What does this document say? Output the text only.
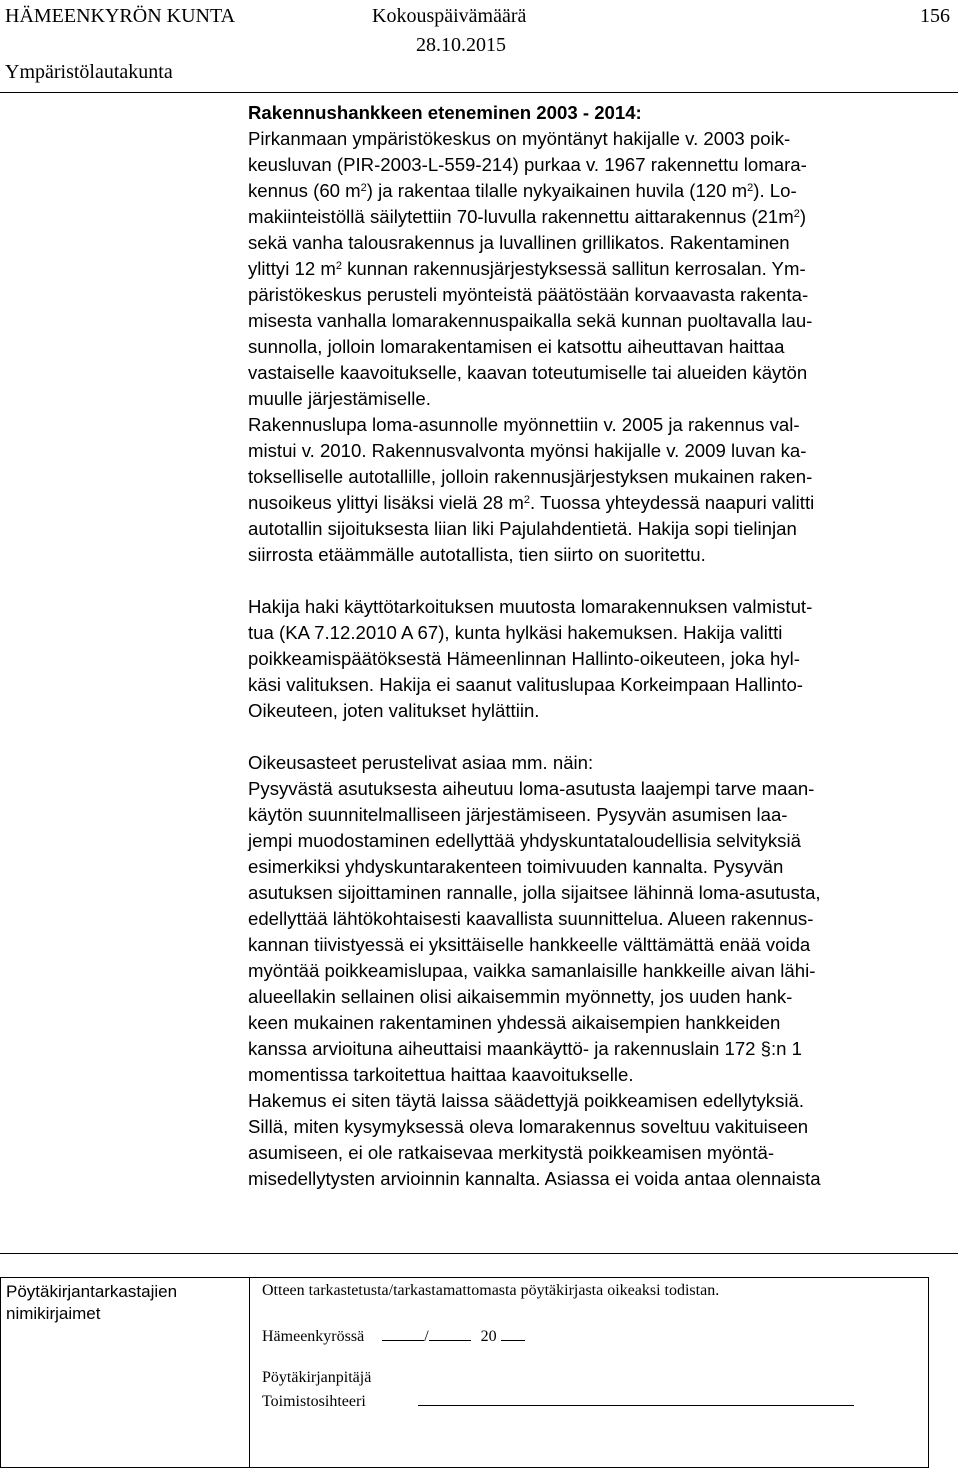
HÄMEENKYRÖN KUNTA	Kokouspäivämäärä	156
28.10.2015
Ympäristölautakunta

Rakennushankkeen eteneminen 2003 - 2014:

Pirkanmaan ympäristökeskus on myöntänyt hakijalle v. 2003 poik-

keusluvan (PIR-2003-L-559-214) purkaa v. 1967 rakennettu lomara-

kennus (60 $m^2$) ja rakentaa tilalle nykyaikainen huvila (120 $m^2$). Lo-

makiinteistöllä säilytettiin 70-luvulla rakennettu aittarakennus $(21m^2)$

sekä vanha talousrakennus ja luvallinen grillikatos. Rakentaminen

ylittyi 12 $m^2$ kunnan rakennusjärjestyksessä sallitun kerrosalan. Ym-

päristökeskus perusteli myönteistä päätöstään korvaavasta rakenta-

misesta vanhalla lomarakennuspaikalla sekä kunnan puoltavalla lau-

sunnolla, jolloin lomarakentamisen ei katsottu aiheuttavan haittaa

vastaiselle kaavoitukselle, kaavan toteutumiselle tai alueiden käytön

muulle järjestämiselle.

Rakennuslupa loma-asunnolle myönnettiin v. 2005 ja rakennus val-

mistui v. 2010. Rakennusvalvonta myönsi hakijalle v. 2009 luvan ka-

tokselliselle autotallille, jolloin rakennusjärjestyksen mukainen raken-

nusoikeus ylittyi lisäksi vielä 28 $m^2$. Tuossa yhteydessä naapuri valitti

autotallin sijoituksesta liian liki Pajulahdentietä. Hakija sopi tielinjan

siirrosta etäämmälle autotallista, tien siirto on suoritettu.

Hakija haki käyttötarkoituksen muutosta lomarakennuksen valmistut-

tua (KA 7.12.2010 A 67), kunta hylkäsi hakemuksen. Hakija valitti

poikkeamispäätöksestä Hämeenlinnan Hallinto-oikeuteen, joka hyl-

käsi valituksen. Hakija ei saanut valituslupaa Korkeimpaan Hallinto-

Oikeuteen, joten valitukset hylättiin.

Oikeusasteet perustelivat asiaa mm. näin:

Pysyvästä asutuksesta aiheutuu loma-asutusta laajempi tarve maan-

käytön suunnitelmalliseen järjestämiseen. Pysyvän asumisen laa-

jempi muodostaminen edellyttää yhdyskuntataloudellisia selvityksiä

esimerkiksi yhdyskuntarakenteen toimivuuden kannalta. Pysyvän

asutuksen sijoittaminen rannalle, jolla sijaitsee lähinnä loma-asutusta,

edellyttää lähtökohtaisesti kaavallista suunnittelua. Alueen rakennus-

kannan tiivistyessä ei yksittäiselle hankkeelle välttämättä enää voida

myöntää poikkeamislupaa, vaikka samanlaisille hankkeille aivan lähi-

alueellakin sellainen olisi aikaisemmin myönnetty, jos uuden hank-

keen mukainen rakentaminen yhdessä aikaisempien hankkeiden

kanssa arvioituna aiheuttaisi maankäyttö- ja rakennuslain 172 §:n 1

momentissa tarkoitettua haittaa kaavoitukselle.

Hakemus ei siten täytä laissa säädettyjä poikkeamisen edellytyksiä.

Sillä, miten kysymyksessä oleva lomarakennus soveltuu vakituiseen

asumiseen, ei ole ratkaisevaa merkitystä poikkeamisen myöntä-

misedellytysten arvioinnin kannalta. Asiassa ei voida antaa olennaista

Pöytäkirjantarkastajien
nimikirjaimet
Otteen tarkastetusta/tarkastamattomasta pöytäkirjasta oikeaksi todistan.
Hämeenkyrössä	/	20
Pöytäkirjanpitäjä
Toimistosihteeri
